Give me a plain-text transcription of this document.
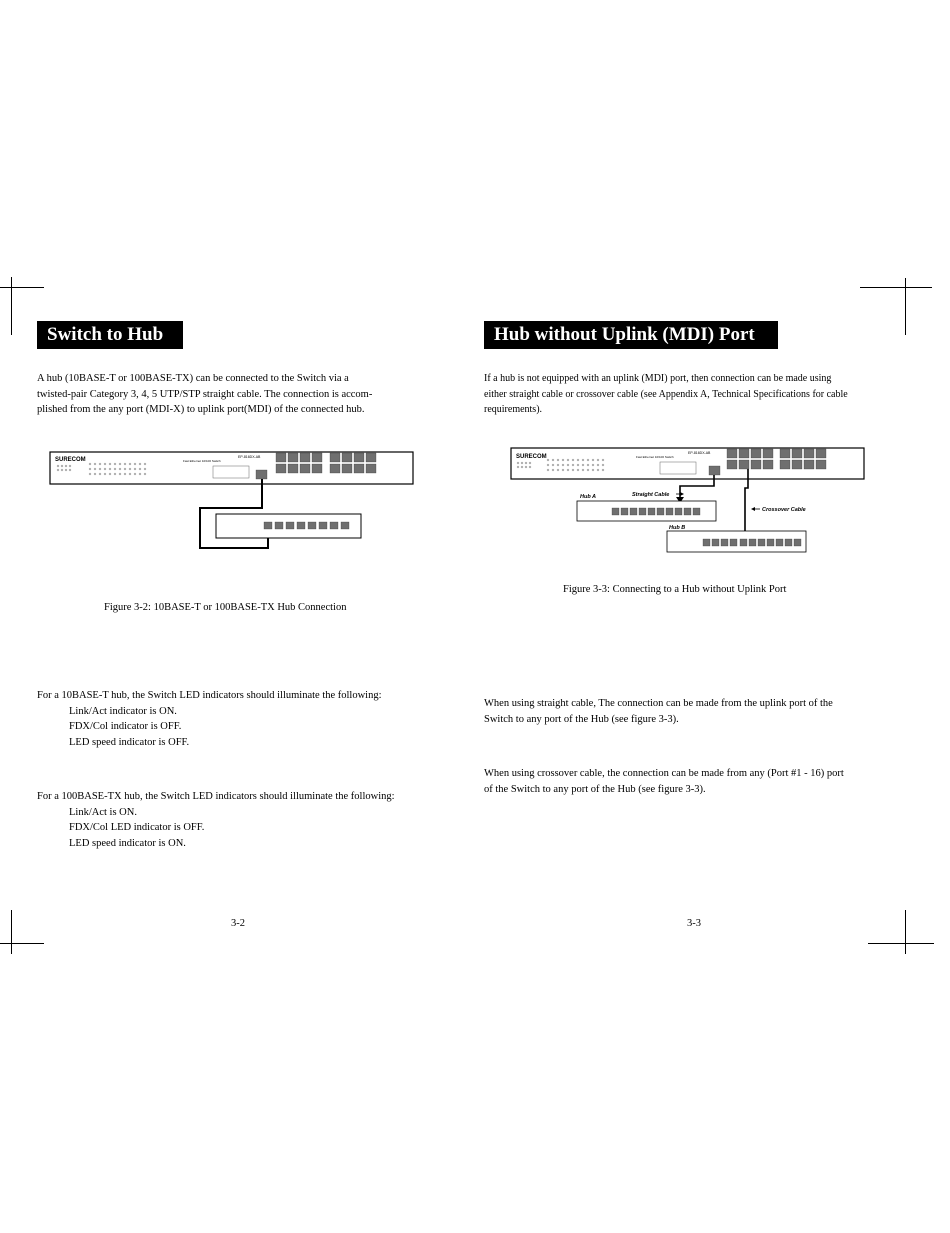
Switch to Hub
A hub (10BASE-T or 100BASE-TX) can be connected to the Switch via a
twisted-pair Category 3, 4, 5 UTP/STP straight cable. The connection is accom-
plished from the any port (MDI-X) to uplink port(MDI) of the connected hub.
SURECOM	EP-816DX-AB
Fast Ethernet 10/100 Switch
Figure 3-2: 10BASE-T or 100BASE-TX Hub Connection
For a 10BASE-T hub, the Switch LED indicators should illuminate the following:
Link/Act indicator is ON.
FDX/Col indicator is OFF.
LED speed indicator is OFF.
For a 100BASE-TX hub, the Switch LED indicators should illuminate the following:
Link/Act is ON.
FDX/Col LED indicator is OFF.
LED speed indicator is ON.
3-2
Hub without Uplink (MDI) Port
If a hub is not equipped with an uplink (MDI) port, then connection can be made using
either straight cable or crossover cable (see Appendix A, Technical Specifications for cable
requirements).
SURECOM
EP-816DX-AB
Fast Ethernet 10/100 Switch
Hub A
Hub B
Straight Cable
Crossover Cable
Figure 3-3: Connecting to a Hub without Uplink Port
When using straight cable, The connection can be made from the uplink port of the
Switch to any port of the Hub (see figure 3-3).
When using crossover cable, the connection can be made from any (Port #1 - 16) port
of the Switch to any port of the Hub (see figure 3-3).
3-3
